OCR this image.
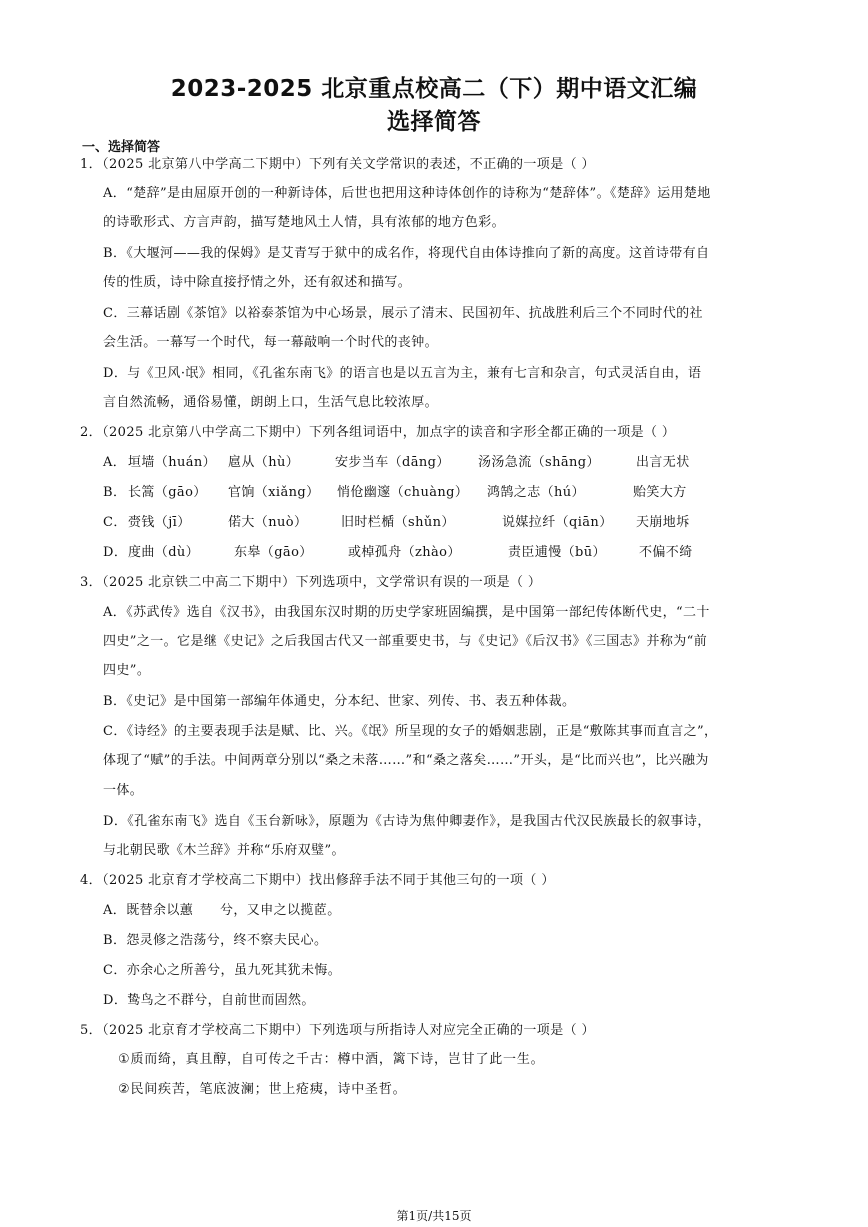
2023-2025 北京重点校高二（下）期中语文汇编
选择简答
一、选择简答
1．（2025 北京第八中学高二下期中）下列有关文学常识的表述，不正确的一项是（ ）
A．“楚辞”是由屈原开创的一种新诗体，后世也把用这种诗体创作的诗称为“楚辞体”。《楚辞》运用楚地
的诗歌形式、方言声韵，描写楚地风土人情，具有浓郁的地方色彩。
B．《大堰河——我的保姆》是艾青写于狱中的成名作，将现代自由体诗推向了新的高度。这首诗带有自
传的性质，诗中除直接抒情之外，还有叙述和描写。
C．三幕话剧《茶馆》以裕泰茶馆为中心场景，展示了清末、民国初年、抗战胜利后三个不同时代的社
会生活。一幕写一个时代，每一幕敲响一个时代的丧钟。
D．与《卫风·氓》相同，《孔雀东南飞》的语言也是以五言为主，兼有七言和杂言，句式灵活自由，语
言自然流畅，通俗易懂，朗朗上口，生活气息比较浓厚。
2．（2025 北京第八中学高二下期中）下列各组词语中，加点字的读音和字形全都正确的一项是（ ）
A． 垣墙（huán） 扈从（hù）	安步当车（dāng） 汤汤急流（shāng）	出言无状
B． 长篙（gāo） 官饷（xiǎng） 悄伧幽邃（chuàng） 鸿鹄之志（hú）	贻笑大方
C． 赍钱（jī）	偌大（nuò）	旧时栏楯（shǔn）	说媒拉纤（qiān） 天崩地坼
D． 度曲（dù）	东皋（gāo）	或棹孤舟（zhào）	责臣逋慢（bū）	不偏不绮
3．（2025 北京铁二中高二下期中）下列选项中，文学常识有误的一项是（ ）
A．《苏武传》选自《汉书》，由我国东汉时期的历史学家班固编撰，是中国第一部纪传体断代史，“二十
四史”之一。它是继《史记》之后我国古代又一部重要史书，与《史记》《后汉书》《三国志》并称为“前
四史”。
B．《史记》是中国第一部编年体通史，分本纪、世家、列传、书、表五种体裁。
C．《诗经》的主要表现手法是赋、比、兴。《氓》所呈现的女子的婚姻悲剧，正是“敷陈其事而直言之”，
体现了“赋”的手法。中间两章分别以“桑之未落……”和“桑之落矣……”开头，是“比而兴也”，比兴融为
一体。
D．《孔雀东南飞》选自《玉台新咏》，原题为《古诗为焦仲卿妻作》，是我国古代汉民族最长的叙事诗，
与北朝民歌《木兰辞》并称“乐府双璧”。
4．（2025 北京育才学校高二下期中）找出修辞手法不同于其他三句的一项（ ）
A．既替余以蕙　　兮，又申之以揽茝。
B．怨灵修之浩荡兮，终不察夫民心。
C．亦余心之所善兮，虽九死其犹未悔。
D．鸷鸟之不群兮，自前世而固然。
5．（2025 北京育才学校高二下期中）下列选项与所指诗人对应完全正确的一项是（ ）
①质而绮，真且醇，自可传之千古：樽中酒，篱下诗，岂甘了此一生。
②民间疾苦，笔底波澜；世上疮痍，诗中圣哲。
第1页/共15页
